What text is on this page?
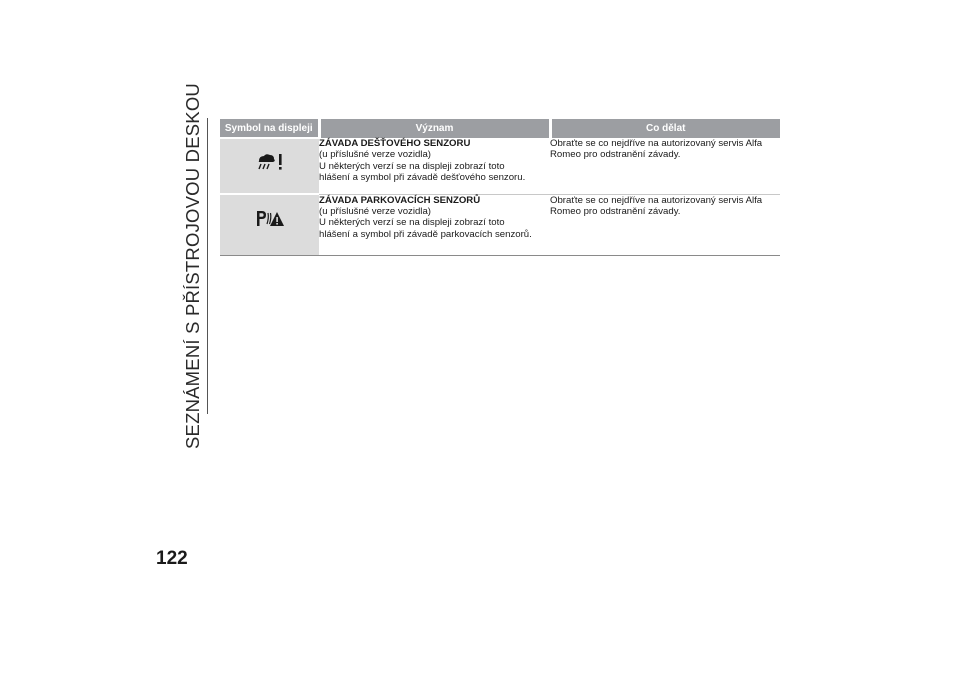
SEZNÁMENÍ S PŘÍSTROJOVOU DESKOU Symbol na displeji	Význam	Co dělat

ZÁVADA DEŠŤOVÉHO SENZORU
(u příslušné verze vozidla)
U některých verzí se na displeji zobrazí toto
hlášení a symbol při závadě dešťového senzoru.	Obraťte se co nejdříve na autorizovaný servis Alfa Romeo pro odstranění závady.

ZÁVADA PARKOVACÍCH SENZORŮ
(u příslušné verze vozidla)
U některých verzí se na displeji zobrazí toto
hlášení a symbol při závadě parkovacích senzorů.	Obraťte se co nejdříve na autorizovaný servis Alfa Romeo pro odstranění závady.
122
